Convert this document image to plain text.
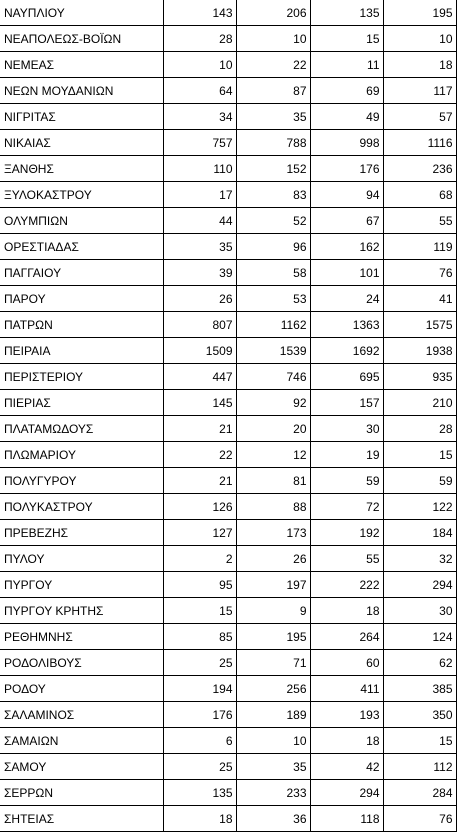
ΝΑΥΠΛΙΟΥ	143	206	135	195
ΝΕΑΠΟΛΕΩΣ-ΒΟΪΩΝ	28	10	15	10
ΝΕΜΕΑΣ	10	22	11	18
ΝΕΩΝ ΜΟΥΔΑΝΙΩΝ	64	87	69	117
ΝΙΓΡΙΤΑΣ	34	35	49	57
ΝΙΚΑΙΑΣ	757	788	998	1116
ΞΑΝΘΗΣ	110	152	176	236
ΞΥΛΟΚΑΣΤΡΟΥ	17	83	94	68
ΟΛΥΜΠΙΩΝ	44	52	67	55
ΟΡΕΣΤΙΑΔΑΣ	35	96	162	119
ΠΑΓΓΑΙΟΥ	39	58	101	76
ΠΑΡΟΥ	26	53	24	41
ΠΑΤΡΩΝ	807	1162	1363	1575
ΠΕΙΡΑΙΑ	1509	1539	1692	1938
ΠΕΡΙΣΤΕΡΙΟΥ	447	746	695	935
ΠΙΕΡΙΑΣ	145	92	157	210
ΠΛΑΤΑΜΩΔΟΥΣ	21	20	30	28
ΠΛΩΜΑΡΙΟΥ	22	12	19	15
ΠΟΛΥΓΥΡΟΥ	21	81	59	59
ΠΟΛΥΚΑΣΤΡΟΥ	126	88	72	122
ΠΡΕΒΕΖΗΣ	127	173	192	184
ΠΥΛΟΥ	2	26	55	32
ΠΥΡΓΟΥ	95	197	222	294
ΠΥΡΓΟΥ ΚΡΗΤΗΣ	15	9	18	30
ΡΕΘΗΜΝΗΣ	85	195	264	124
ΡΟΔΟΛΙΒΟΥΣ	25	71	60	62
ΡΟΔΟΥ	194	256	411	385
ΣΑΛΑΜΙΝΟΣ	176	189	193	350
ΣΑΜΑΙΩΝ	6	10	18	15
ΣΑΜΟΥ	25	35	42	112
ΣΕΡΡΩΝ	135	233	294	284
ΣΗΤΕΙΑΣ	18	36	118	76
